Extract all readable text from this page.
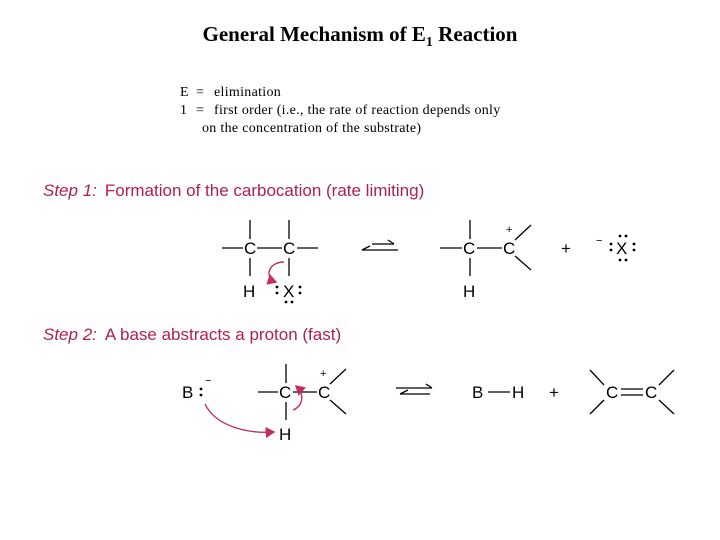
General Mechanism of $E_1$ Reaction
E = elimination
1 = first order (i.e., the rate of reaction depends only
on the concentration of the substrate)
Step 1: Formation of the carbocation (rate limiting)
C C
H X
C C
+
H
+ − X
Step 2: A base abstracts a proton (fast)
B
−
C C
+
H
B H +	C C
